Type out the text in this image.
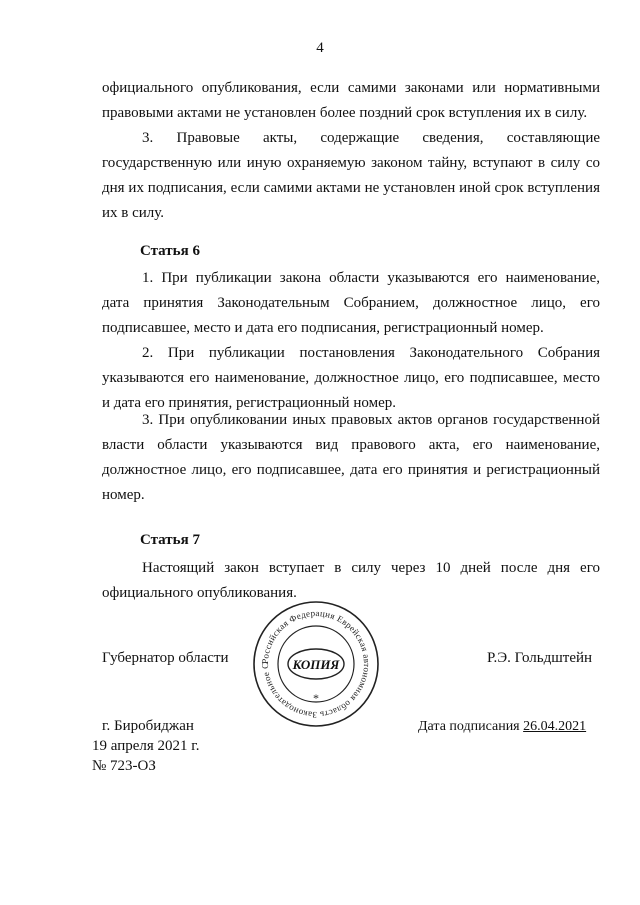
4
официального опубликования, если самими законами или нормативными правовыми актами не установлен более поздний срок вступления их в силу.
3. Правовые акты, содержащие сведения, составляющие государственную или иную охраняемую законом тайну, вступают в силу со дня их подписания, если самими актами не установлен иной срок вступления их в силу.
Статья 6
1. При публикации закона области указываются его наименование, дата принятия Законодательным Собранием, должностное лицо, его подписавшее, место и дата его подписания, регистрационный номер.
2. При публикации постановления Законодательного Собрания указываются его наименование, должностное лицо, его подписавшее, место и дата его принятия, регистрационный номер.
3. При опубликовании иных правовых актов органов государственной власти области указываются вид правового акта, его наименование, должностное лицо, его подписавшее, дата его принятия и регистрационный номер.
Статья 7
Настоящий закон вступает в силу через 10 дней после дня его официального опубликования.
Губернатор области	Р.Э. Гольдштейн
Российская Федерация Еврейская автономная область Законодательное С	КОПИЯ
*
г. Биробиджан
19 апреля 2021 г.
№ 723-ОЗ
Дата подписания 26.04.2021
